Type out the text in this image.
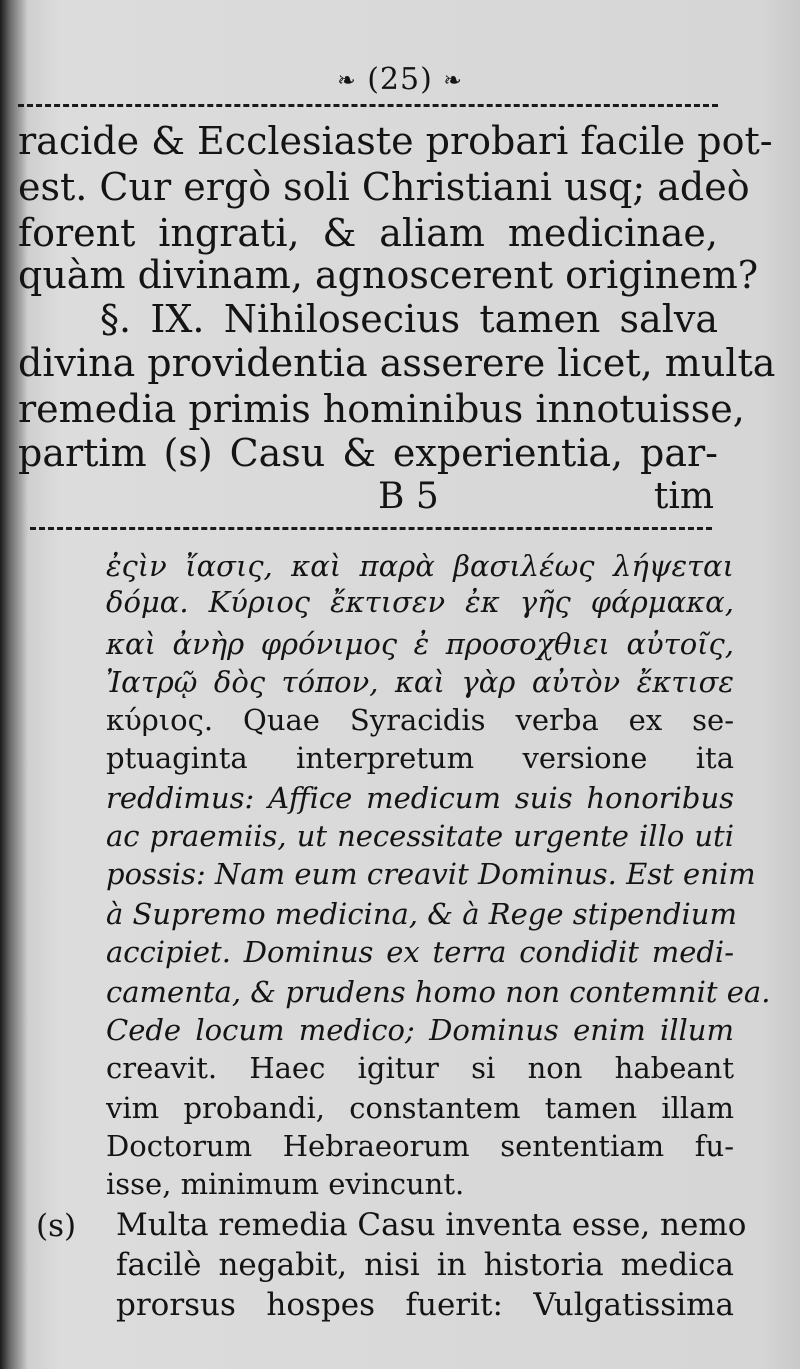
❧ (25) ❧
racide & Ecclesiaste probari facile pot-
est. Cur ergò soli Christiani usq; adeò
forent ingrati, & aliam medicinae,
quàm divinam, agnoscerent originem?
§. IX. Nihilosecius tamen salva
divina providentia asserere licet, multa
remedia primis hominibus innotuisse,
partim (s) Casu & experientia, par-
B 5	tim
ἐςὶν ἴασις, καὶ παρὰ βασιλέως λήψεται
δόμα. Κύριος ἔκτισεν ἐκ γῆς φάρμακα,
καὶ ἀνὴρ φρόνιμος ἐ προσοχθιει αὐτοῖς,
Ἰατρῷ δὸς τόπον, καὶ γὰρ αὐτὸν ἔκτισε
κύριος. Quae Syracidis verba ex se-
ptuaginta interpretum versione ita
reddimus: Affice medicum suis honoribus
ac praemiis, ut necessitate urgente illo uti
possis: Nam eum creavit Dominus. Est enim
à Supremo medicina, & à Rege stipendium
accipiet. Dominus ex terra condidit medi-
camenta, & prudens homo non contemnit ea.
Cede locum medico; Dominus enim illum
creavit. Haec igitur si non habeant
vim probandi, constantem tamen illam
Doctorum Hebraeorum sententiam fu-
isse, minimum evincunt.
(s) Multa remedia Casu inventa esse, nemo
facilè negabit, nisi in historia medica
prorsus hospes fuerit: Vulgatissima
